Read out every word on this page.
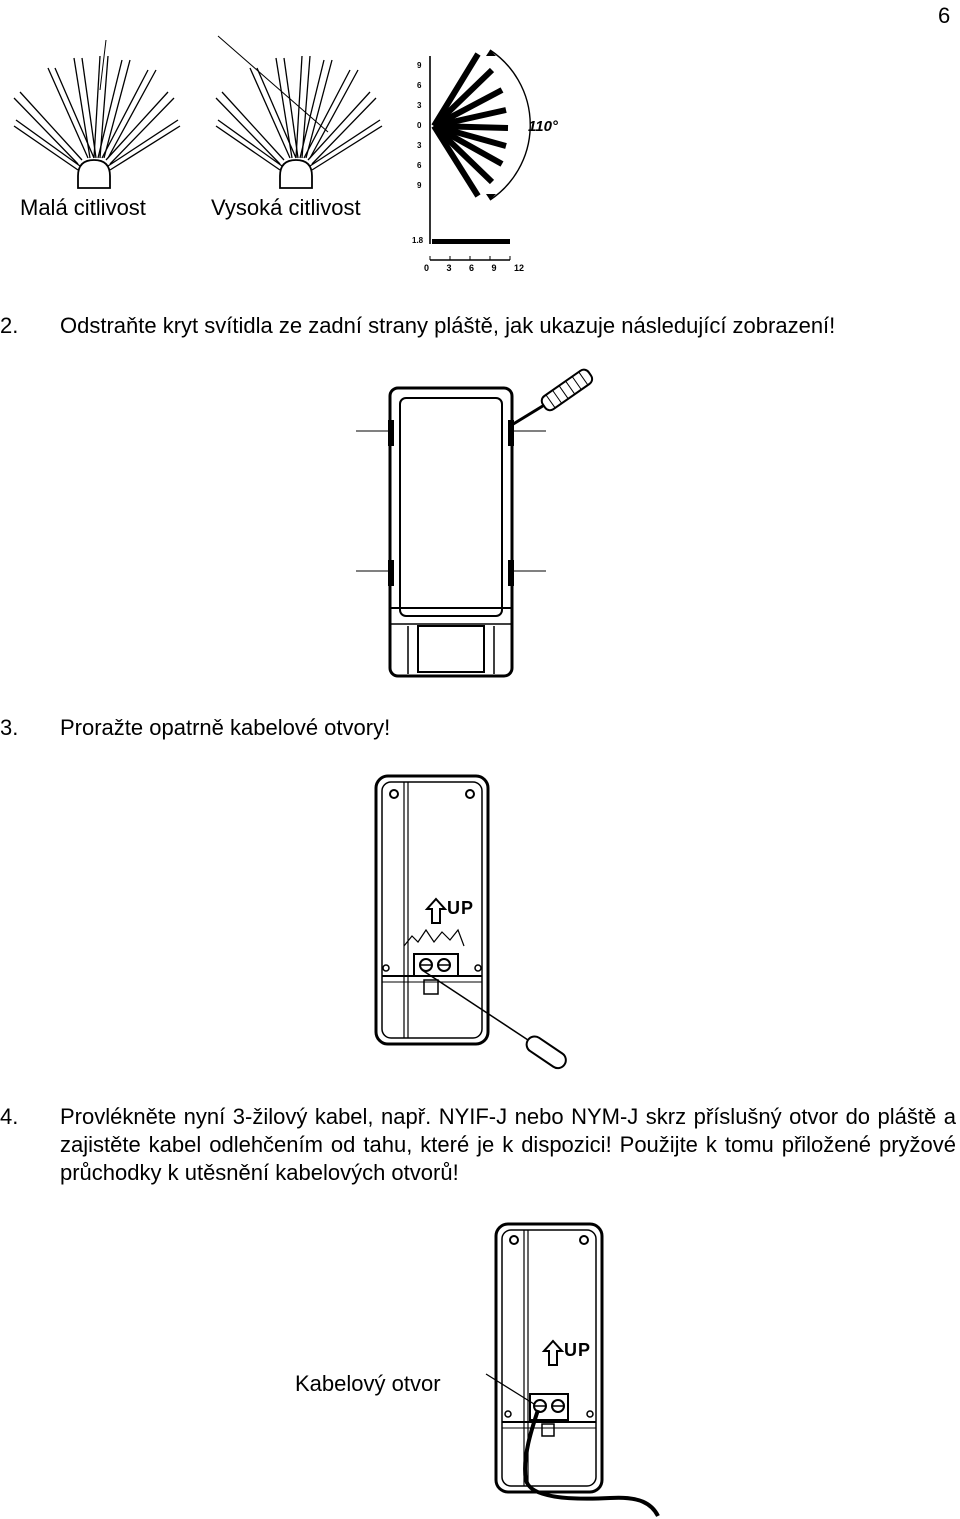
6
Malá citlivost	Vysoká citlivost
110°
9
6
3
0
3
6
9
1.8
0 3 6 9 12
2. Odstraňte kryt svítidla ze zadní strany pláště, jak ukazuje následující zobrazení!
3. Proražte opatrně kabelové otvory!
UP
4. Provlékněte nyní 3-žilový kabel, např. NYIF-J nebo NYM-J skrz příslušný otvor do pláště a zajistěte kabel odlehčením od tahu, které je k dispozici! Použijte k tomu přiložené pryžové průchodky k utěsnění kabelových otvorů!
UP
Kabelový otvor
